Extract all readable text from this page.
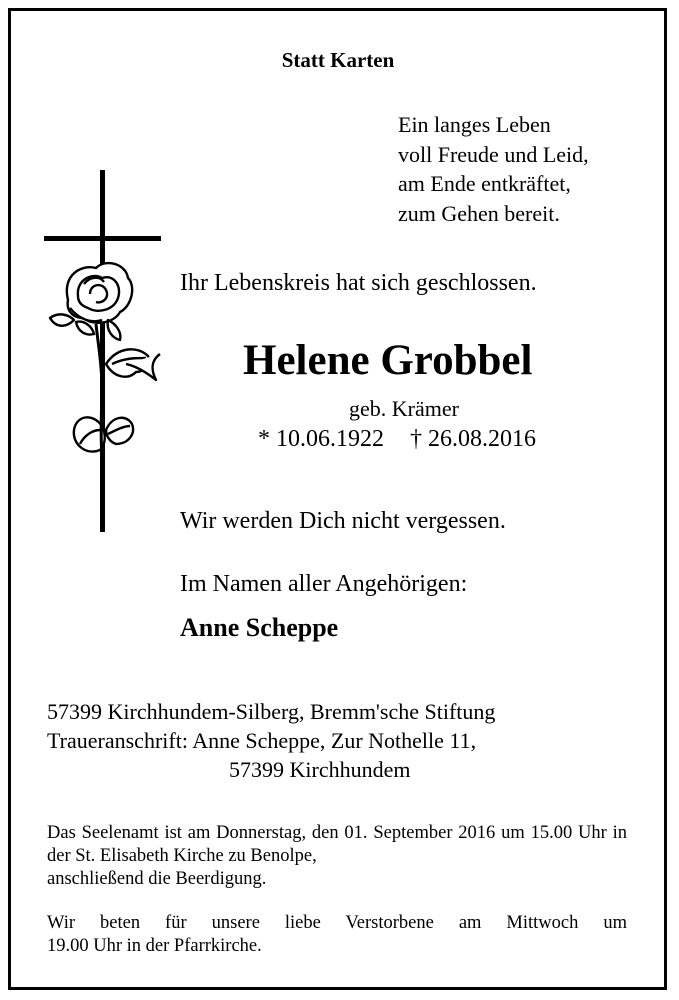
Statt Karten
Ein langes Leben
voll Freude und Leid,
am Ende entkräftet,
zum Gehen bereit.
Ihr Lebenskreis hat sich geschlossen.
Helene Grobbel
geb. Krämer
* 10.06.1922 † 26.08.2016
Wir werden Dich nicht vergessen.
Im Namen aller Angehörigen:
Anne Scheppe
57399 Kirchhundem-Silberg, Bremm'sche Stiftung
Traueranschrift: Anne Scheppe, Zur Nothelle 11,
57399 Kirchhundem
Das Seelenamt ist am Donnerstag, den 01. September 2016 um 15.00 Uhr in der St. Elisabeth Kirche zu Benolpe,
anschließend die Beerdigung.
Wir beten für unsere liebe Verstorbene am Mittwoch um
19.00 Uhr in der Pfarrkirche.
